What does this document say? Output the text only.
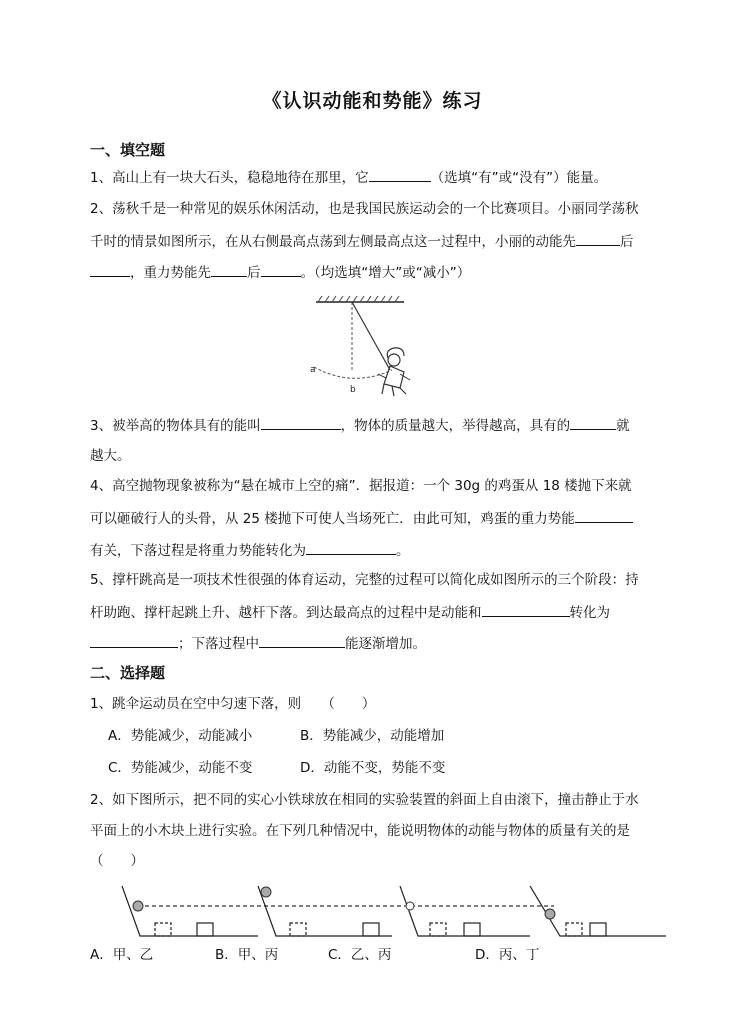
《认识动能和势能》练习
一、填空题
1、高山上有一块大石头，稳稳地待在那里，它	（选填“有”或“没有”）能量。
2、荡秋千是一种常见的娱乐休闲活动，也是我国民族运动会的一个比赛项目。小丽同学荡秋
千时的情景如图所示，在从右侧最高点荡到左侧最高点这一过程中，小丽的动能先	后
，重力势能先	后	。（均选填“增大”或“减小”）
a
b
3、被举高的物体具有的能叫	，物体的质量越大，举得越高，具有的	就
越大。
4、高空抛物现象被称为“悬在城市上空的痛”．据报道：一个 30g 的鸡蛋从 18 楼抛下来就
可以砸破行人的头骨，从 25 楼抛下可使人当场死亡．由此可知，鸡蛋的重力势能
有关，下落过程是将重力势能转化为	。
5、撑杆跳高是一项技术性很强的体育运动，完整的过程可以简化成如图所示的三个阶段：持
杆助跑、撑杆起跳上升、越杆下落。到达最高点的过程中是动能和	转化为
；下落过程中	能逐渐增加。
二、选择题
1、跳伞运动员在空中匀速下落，则　　（　　）
A．势能减少，动能减小	B．势能减少，动能增加
C．势能减少，动能不变	D．动能不变，势能不变
2、如下图所示，把不同的实心小铁球放在相同的实验装置的斜面上自由滚下，撞击静止于水
平面上的小木块上进行实验。在下列几种情况中，能说明物体的动能与物体的质量有关的是
（　　）
A．甲、乙	B．甲、丙	C．乙、丙	D．丙、丁
